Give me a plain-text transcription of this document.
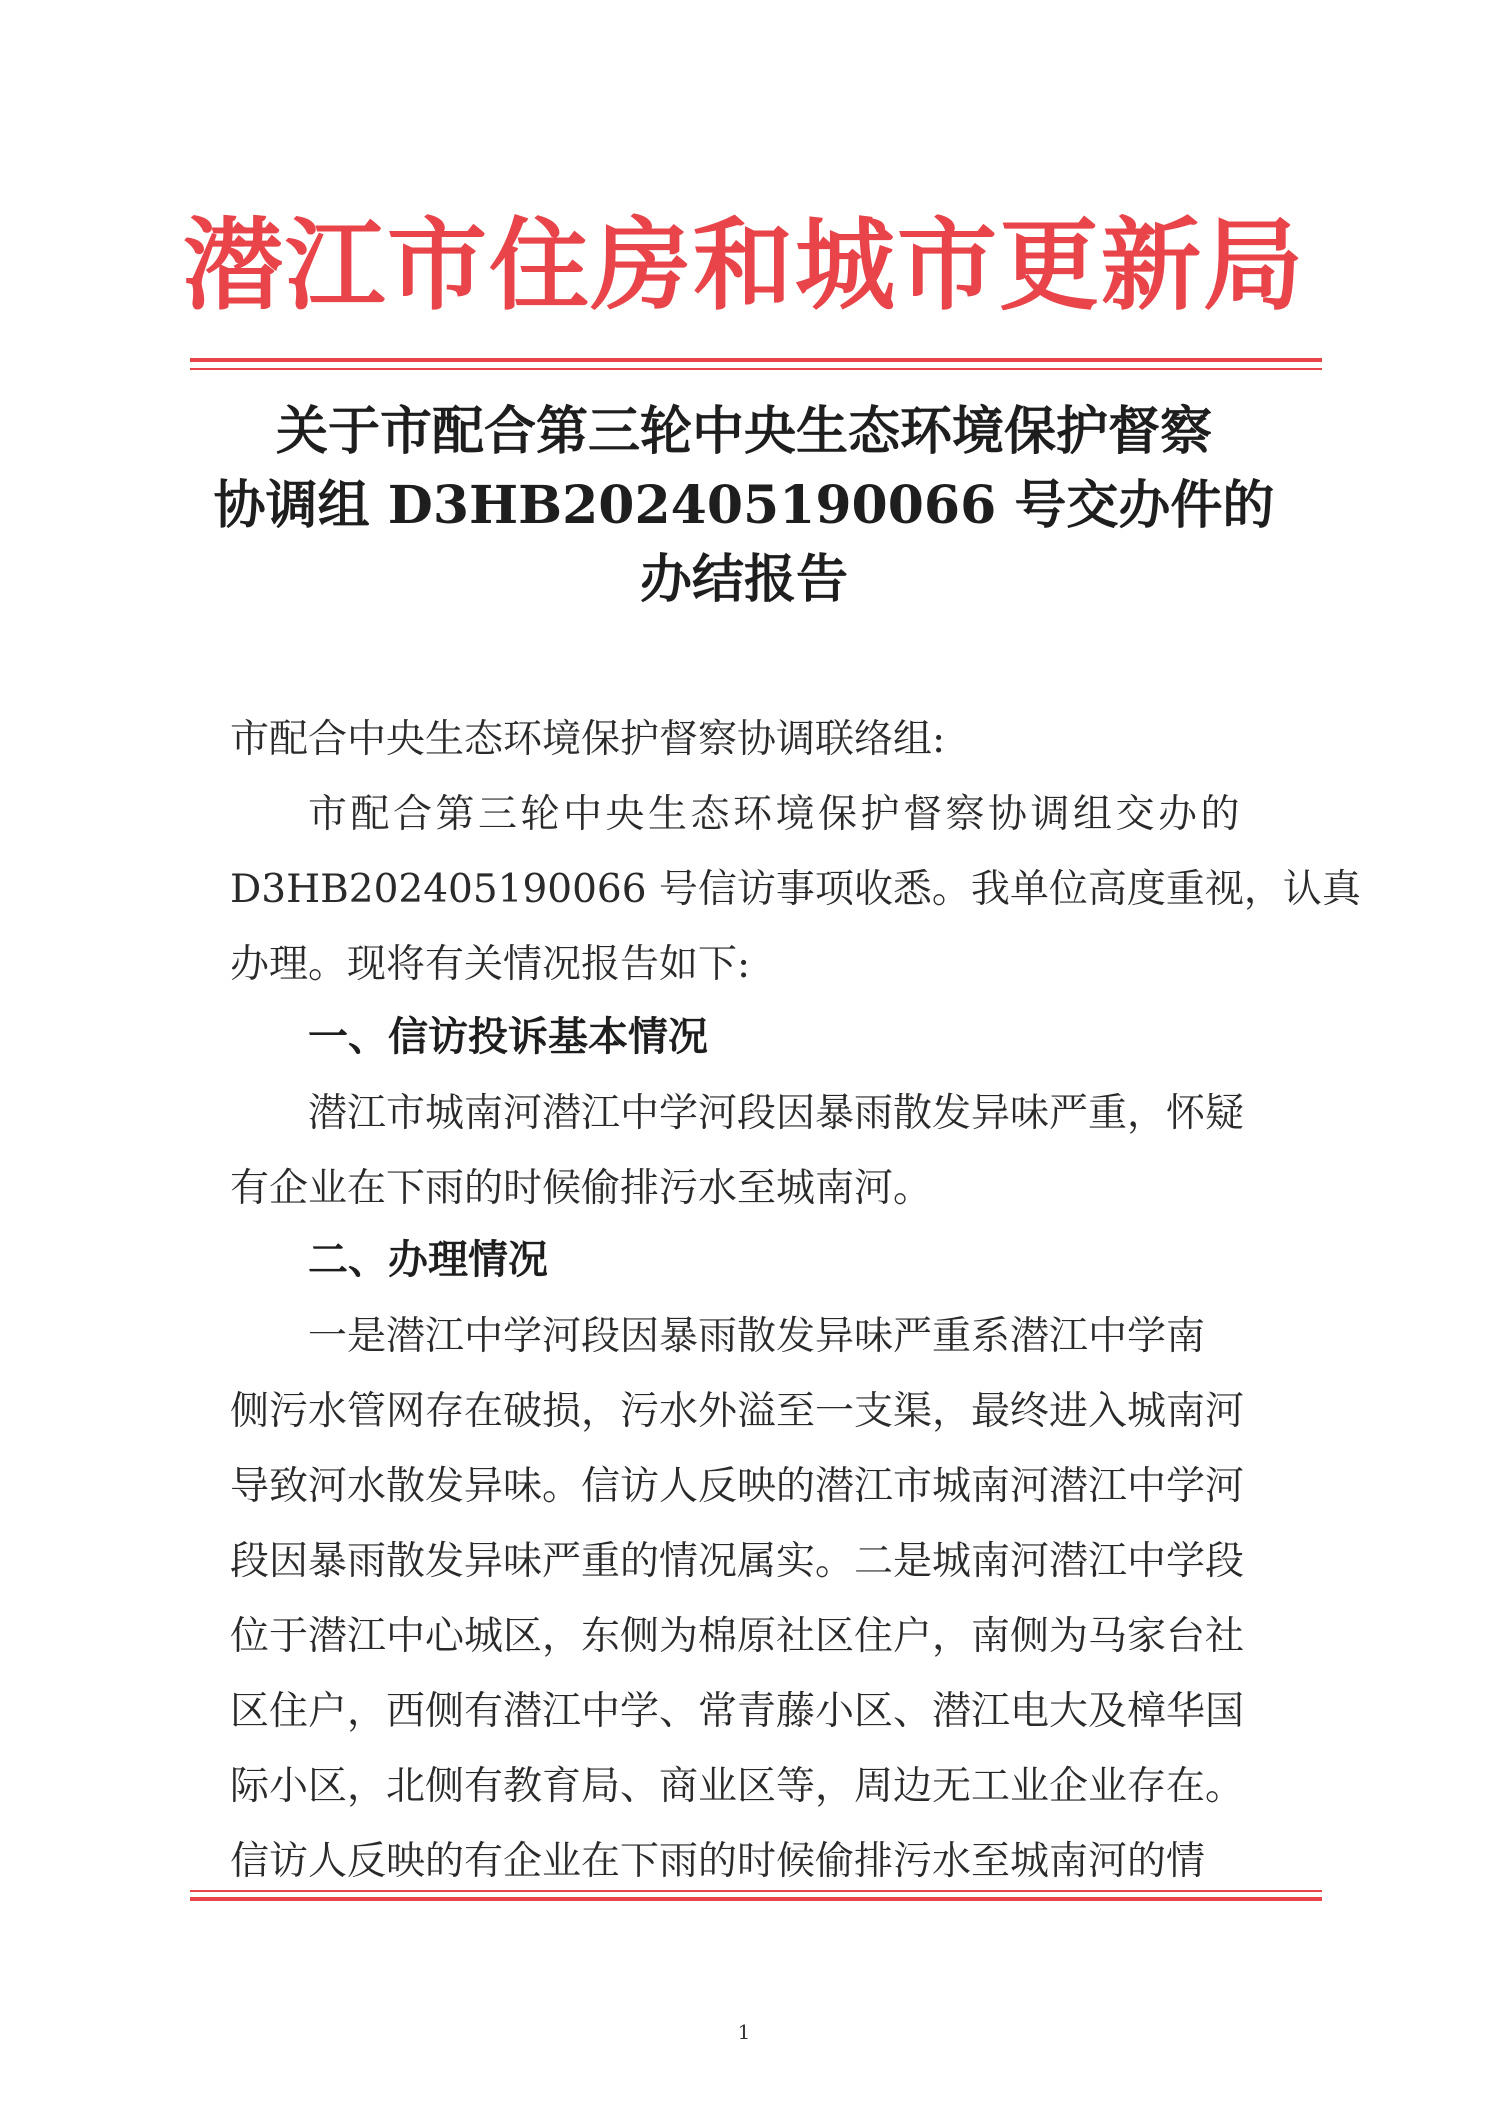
潜江市住房和城市更新局
关于市配合第三轮中央生态环境保护督察
协调组 D3HB202405190066 号交办件的
办结报告
市配合中央生态环境保护督察协调联络组:
市配合第三轮中央生态环境保护督察协调组交办的
D3HB202405190066 号信访事项收悉。我单位高度重视，认真
办理。现将有关情况报告如下:
一、信访投诉基本情况
潜江市城南河潜江中学河段因暴雨散发异味严重，怀疑
有企业在下雨的时候偷排污水至城南河。
二、办理情况
一是潜江中学河段因暴雨散发异味严重系潜江中学南
侧污水管网存在破损，污水外溢至一支渠，最终进入城南河
导致河水散发异味。信访人反映的潜江市城南河潜江中学河
段因暴雨散发异味严重的情况属实。二是城南河潜江中学段
位于潜江中心城区，东侧为棉原社区住户，南侧为马家台社
区住户，西侧有潜江中学、常青藤小区、潜江电大及樟华国
际小区，北侧有教育局、商业区等，周边无工业企业存在。
信访人反映的有企业在下雨的时候偷排污水至城南河的情
1
